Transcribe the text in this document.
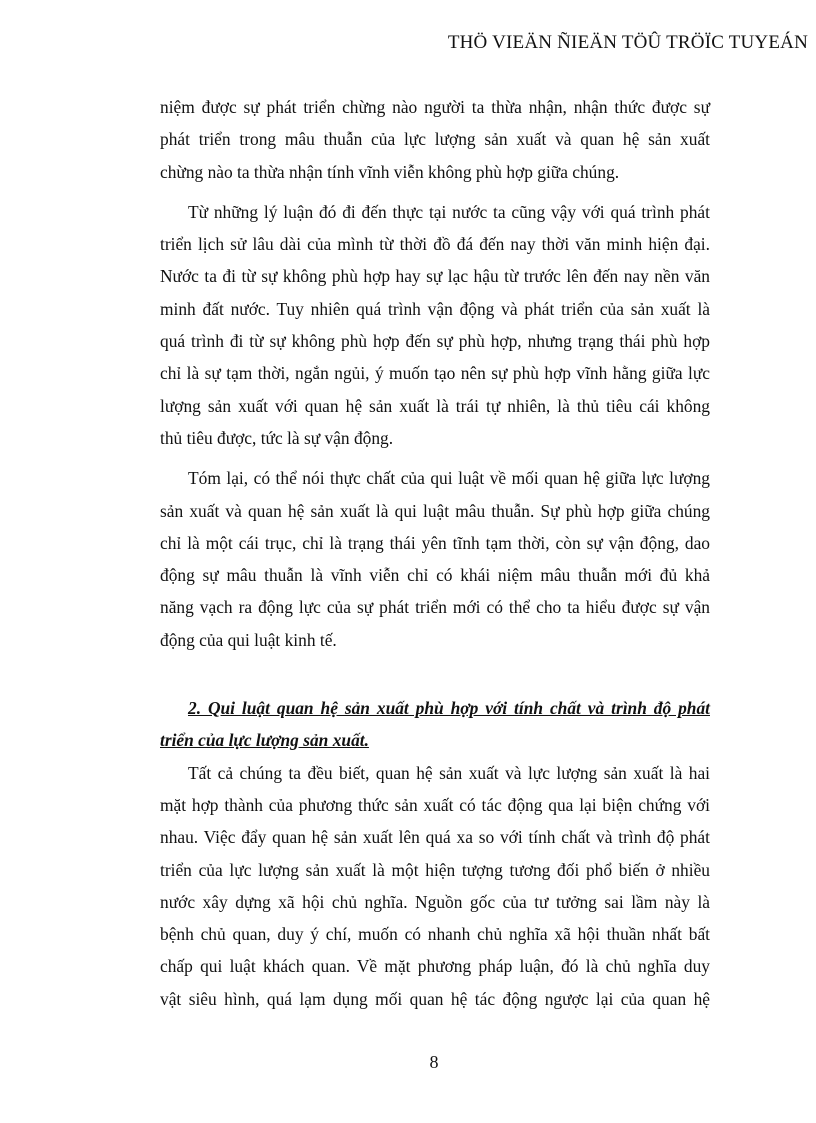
THÖ VIEÄN ÑIEÄN TÖÛ TRÖÏC TUYEÁN
niệm được sự phát triển chừng nào người ta thừa nhận, nhận thức được sự
phát triển trong mâu thuẫn của lực lượng sản xuất và quan hệ sản xuất
chừng nào ta thừa nhận tính vĩnh viễn không phù hợp giữa chúng.
Từ những lý luận đó đi đến thực tại nước ta cũng vậy với quá trình phát
triển lịch sử lâu dài của mình từ thời đồ đá đến nay thời văn minh hiện đại.
Nước ta đi từ sự không phù hợp hay sự lạc hậu từ trước lên đến nay nền văn
minh đất nước. Tuy nhiên quá trình vận động và phát triển của sản xuất là
quá trình đi từ sự không phù hợp đến sự phù hợp, nhưng trạng thái phù hợp
chỉ là sự tạm thời, ngắn ngủi, ý muốn tạo nên sự phù hợp vĩnh hằng giữa lực
lượng sản xuất với quan hệ sản xuất là trái tự nhiên, là thủ tiêu cái không
thủ tiêu được, tức là sự vận động.
Tóm lại, có thể nói thực chất của qui luật về mối quan hệ giữa lực lượng
sản xuất và quan hệ sản xuất là qui luật mâu thuẫn. Sự phù hợp giữa chúng
chỉ là một cái trục, chỉ là trạng thái yên tĩnh tạm thời, còn sự vận động, dao
động sự mâu thuẫn là vĩnh viễn chỉ có khái niệm mâu thuẫn mới đủ khả
năng vạch ra động lực của sự phát triển mới có thể cho ta hiểu được sự vận
động của qui luật kinh tế.
2. Qui luật quan hệ sản xuất phù hợp với tính chất và trình độ phát
triển của lực lượng sản xuất.
Tất cả chúng ta đều biết, quan hệ sản xuất và lực lượng sản xuất là hai
mặt hợp thành của phương thức sản xuất có tác động qua lại biện chứng với
nhau. Việc đẩy quan hệ sản xuất lên quá xa so với tính chất và trình độ phát
triển của lực lượng sản xuất là một hiện tượng tương đối phổ biến ở nhiều
nước xây dựng xã hội chủ nghĩa. Nguồn gốc của tư tưởng sai lầm này là
bệnh chủ quan, duy ý chí, muốn có nhanh chủ nghĩa xã hội thuần nhất bất
chấp qui luật khách quan. Về mặt phương pháp luận, đó là chủ nghĩa duy
vật siêu hình, quá lạm dụng mối quan hệ tác động ngược lại của quan hệ
8
